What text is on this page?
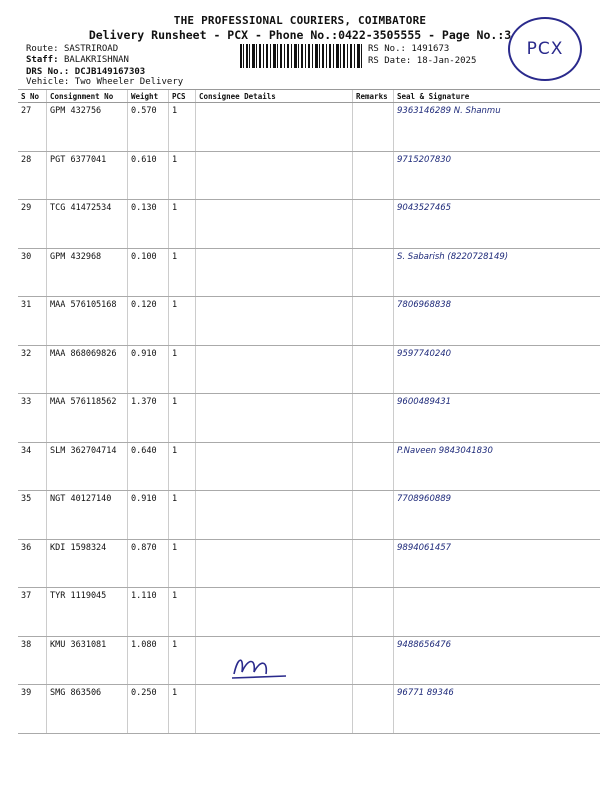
THE PROFESSIONAL COURIERS, COIMBATORE
Delivery Runsheet - PCX - Phone No.:0422-3505555 - Page No.:3
Route: SASTRIROAD
Staff: BALAKRISHNAN
DRS No.: DCJB149167303
Vehicle: Two Wheeler Delivery
RS No.: 1491673
RS Date: 18-Jan-2025
PCX
S No	Consignment No	Weight	PCS	Consignee Details	Remarks	Seal & Signature
27	GPM 432756	0.570	1	 		9363146289 N. Shanmu
28	PGT 6377041	0.610	1	 		9715207830
29	TCG 41472534	0.130	1	 		9043527465
30	GPM 432968	0.100	1	 		S. Sabarish (8220728149)
31	MAA 576105168	0.120	1	 		7806968838
32	MAA 868069826	0.910	1	 		9597740240
33	MAA 576118562	1.370	1	 		9600489431
34	SLM 362704714	0.640	1	 		P.Naveen 9843041830
35	NGT 40127140	0.910	1	 		7708960889
36	KDI 1598324	0.870	1	 		9894061457
37	TYR 1119045	1.110	1	 		
38	KMU 3631081	1.080	1	 		9488656476
39	SMG 863506	0.250	1	 		96771 89346
